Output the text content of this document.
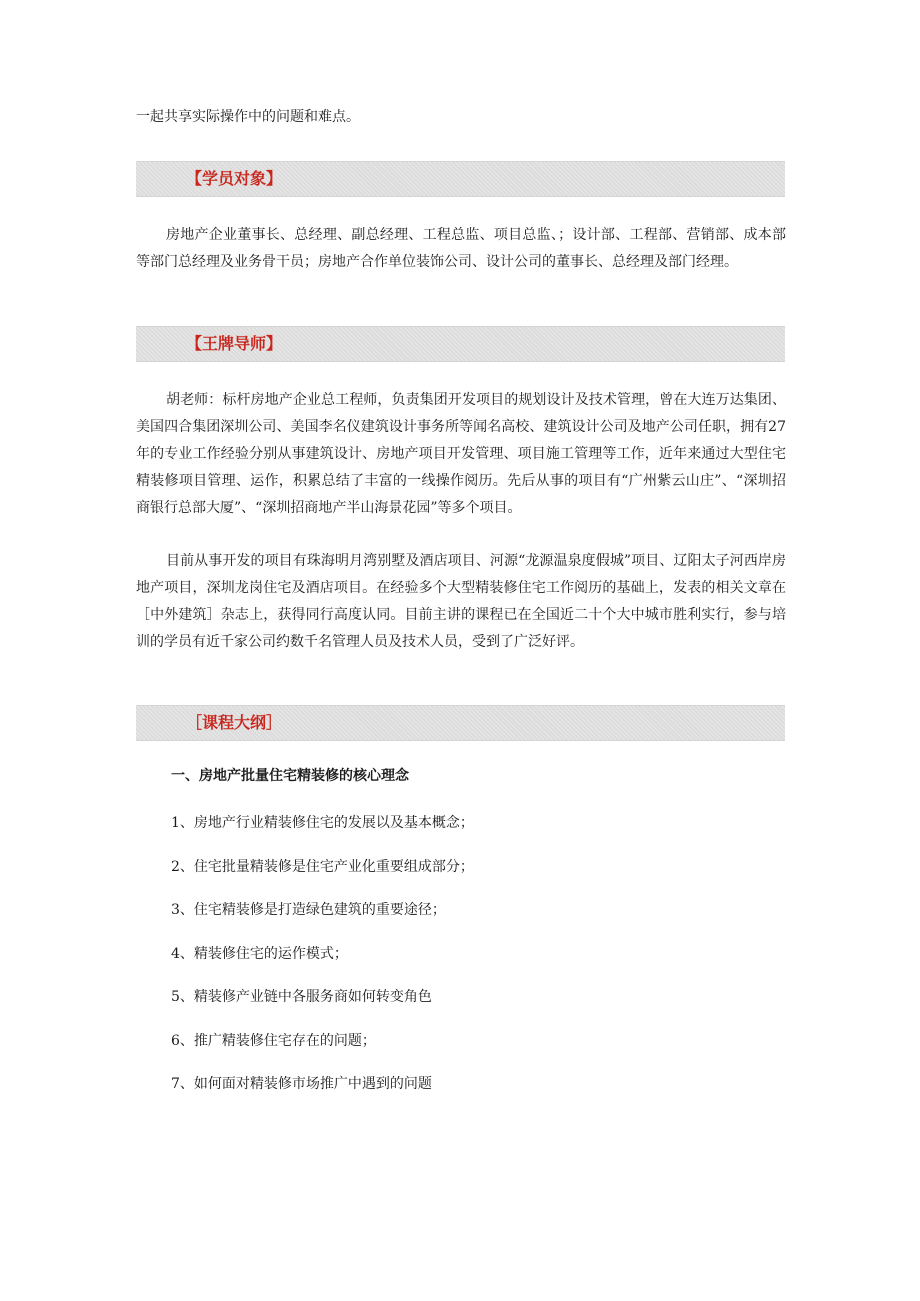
一起共享实际操作中的问题和难点。

【学员对象】

房地产企业董事长、总经理、副总经理、工程总监、项目总监、；设计部、工程部、营销部、成本部等部门总经理及业务骨干员；房地产合作单位装饰公司、设计公司的董事长、总经理及部门经理。

【王牌导师】

胡老师：标杆房地产企业总工程师，负责集团开发项目的规划设计及技术管理，曾在大连万达集团、美国四合集团深圳公司、美国李名仪建筑设计事务所等闻名高校、建筑设计公司及地产公司任职，拥有27年的专业工作经验分别从事建筑设计、房地产项目开发管理、项目施工管理等工作，近年来通过大型住宅精装修项目管理、运作，积累总结了丰富的一线操作阅历。先后从事的项目有“广州紫云山庄”、“深圳招商银行总部大厦”、“深圳招商地产半山海景花园”等多个项目。

目前从事开发的项目有珠海明月湾别墅及酒店项目、河源“龙源温泉度假城”项目、辽阳太子河西岸房地产项目，深圳龙岗住宅及酒店项目。在经验多个大型精装修住宅工作阅历的基础上，发表的相关文章在［中外建筑］杂志上，获得同行高度认同。目前主讲的课程已在全国近二十个大中城市胜利实行，参与培训的学员有近千家公司约数千名管理人员及技术人员，受到了广泛好评。

［课程大纲］
一、房地产批量住宅精装修的核心理念
1、房地产行业精装修住宅的发展以及基本概念；
2、住宅批量精装修是住宅产业化重要组成部分；
3、住宅精装修是打造绿色建筑的重要途径；
4、精装修住宅的运作模式；
5、精装修产业链中各服务商如何转变角色
6、推广精装修住宅存在的问题；
7、如何面对精装修市场推广中遇到的问题
